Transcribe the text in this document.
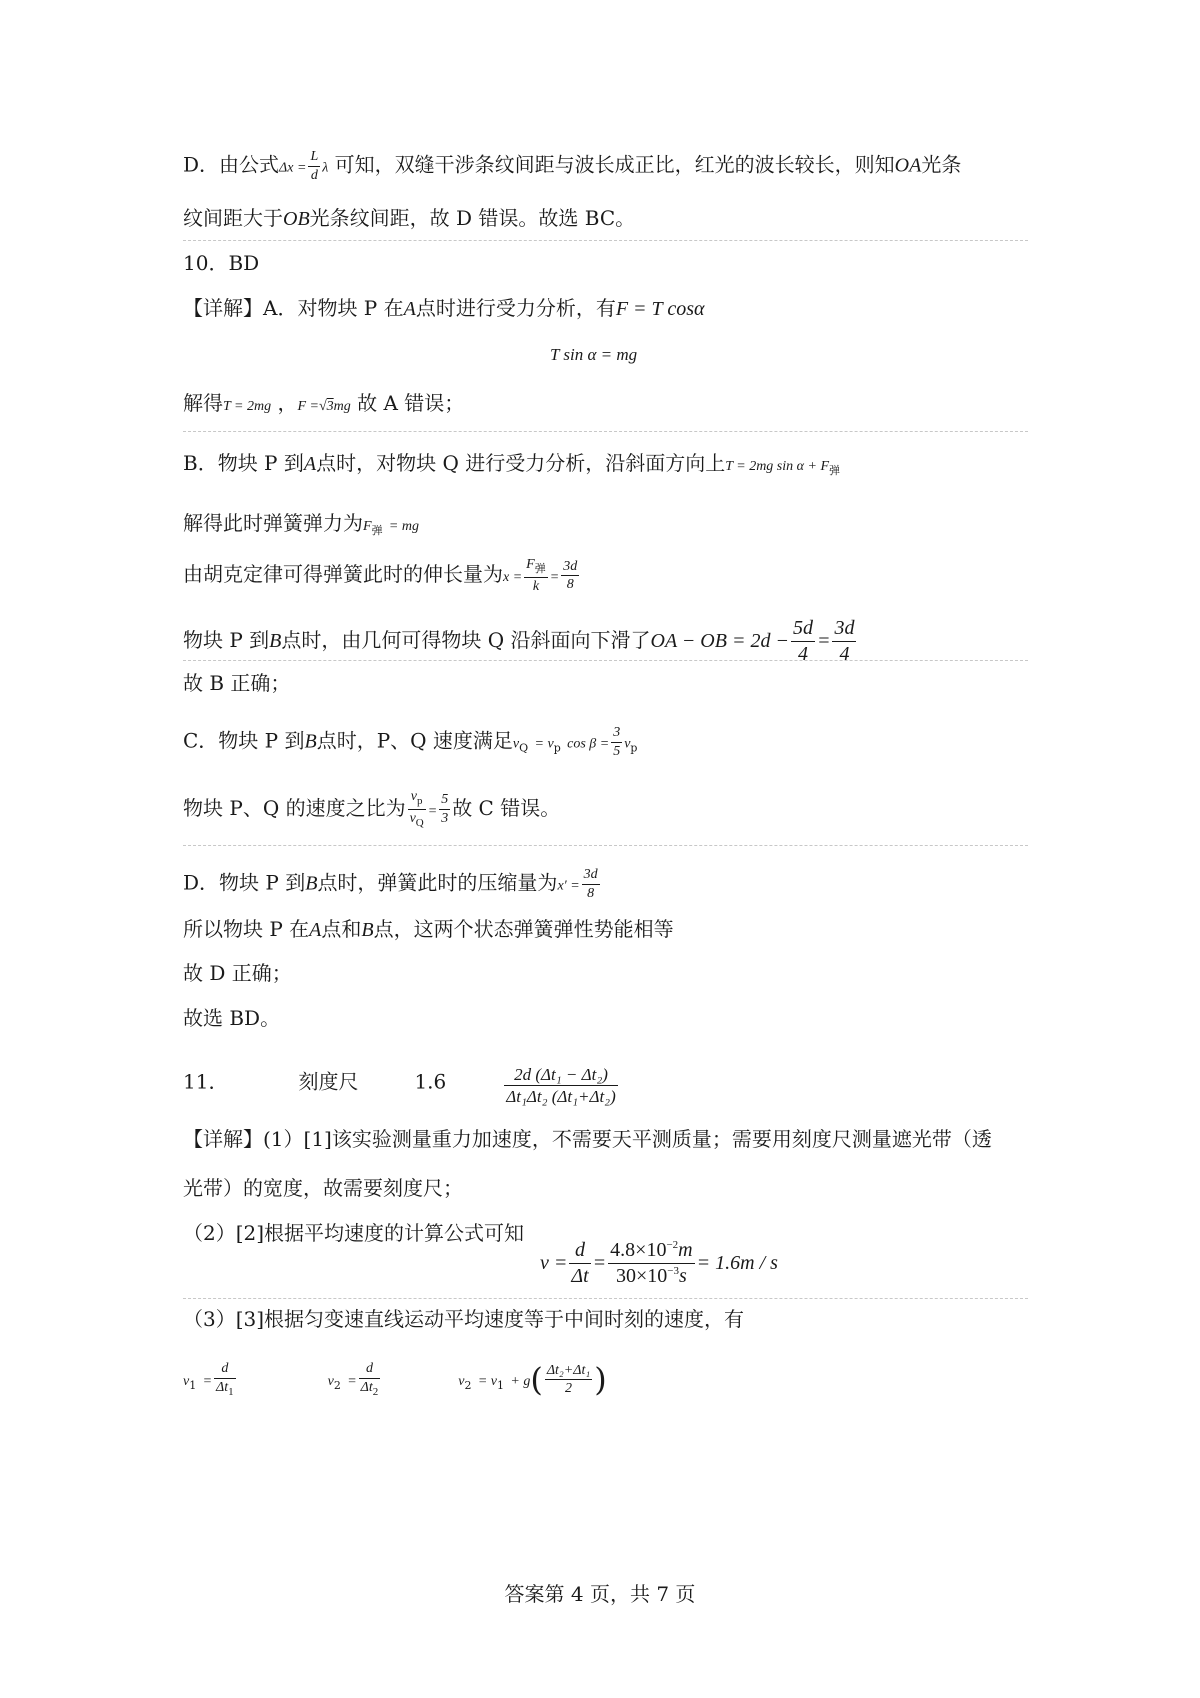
D．由公式$\Delta x = \frac{L}{d}$ λ 可知，双缝干涉条纹间距与波长成正比，红光的波长较长，则知OA光条
纹间距大于OB光条纹间距，故 D 错误。故选 BC。
10．BD
【详解】A．对物块 P 在A点时进行受力分析，有F = T cosα
T sin α = mg
解得T = 2mg ，F =√3mg 故 A 错误；
B．物块 P 到A点时，对物块 Q 进行受力分析，沿斜面方向上T = 2mg $\sin \alpha + F_弹$
解得此时弹簧弹力为$F_弹$ = mg
由胡克定律可得弹簧此时的伸长量为$x = \frac{F_弹}{k} = \frac{3d}{8}$
物块 P 到B点时，由几何可得物块 Q 沿斜面向下滑了OA − OB = $2d - \frac{5d}{4} = \frac{3d}{4}$
故 B 正确；
C．物块 P 到B点时，P、Q 速度满足$v_Q = v_p$ $\cos \beta = \frac{3}{5} v_p$
物块 P、Q 的速度之比为 $\frac{v_p}{v_Q} = \frac{5}{3}$ 故 C 错误。
D．物块 P 到B点时，弹簧此时的压缩量为$x' = \frac{3d}{8}$
所以物块 P 在A点和B点，这两个状态弹簧弹性势能相等
故 D 正确；
故选 BD。
11．	刻度尺	1.6	$\frac{\text{2d (Δt₁ − Δt₂)}}{\text{Δt₁Δt₂ (Δt₁+Δt₂)}}$
【详解】(1）[1]该实验测量重力加速度，不需要天平测质量；需要用刻度尺测量遮光带（透
光带）的宽度，故需要刻度尺；
（2）[2]根据平均速度的计算公式可知
$v = \frac{d}{\Delta t} = \frac{4.8\times 10^{-2}m}{30\times 10^{-3}s} = 1.6m / s$
（3）[3]根据匀变速直线运动平均速度等于中间时刻的速度，有
$v_1 = \frac{d}{\Delta t_1}$	$v_2 = \frac{d}{\Delta t_2}$	$v_2 = v_1 + g( \frac{\text{Δt₂+Δt₁}}{2}$ )
答案第 4 页，共 7 页
